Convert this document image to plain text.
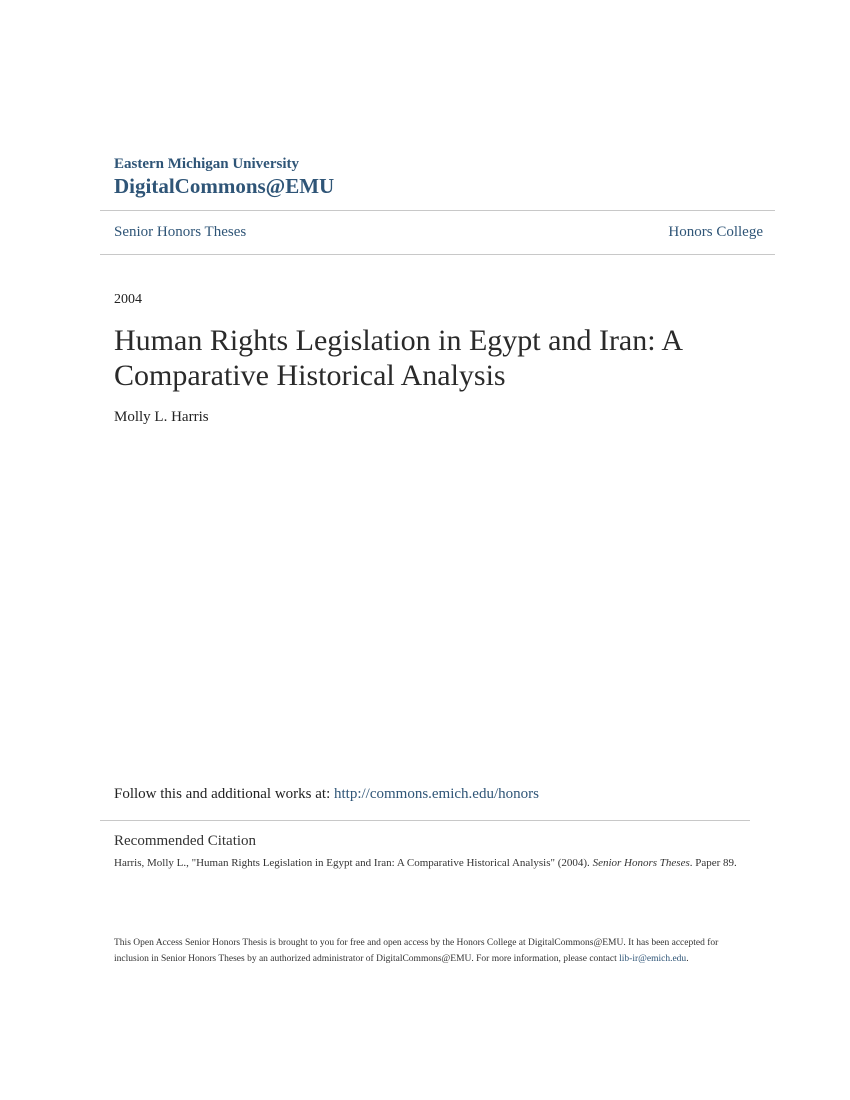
Eastern Michigan University
DigitalCommons@EMU
Senior Honors Theses	Honors College
2004
Human Rights Legislation in Egypt and Iran: A Comparative Historical Analysis
Molly L. Harris
Follow this and additional works at: http://commons.emich.edu/honors
Recommended Citation
Harris, Molly L., "Human Rights Legislation in Egypt and Iran: A Comparative Historical Analysis" (2004). Senior Honors Theses. Paper 89.
This Open Access Senior Honors Thesis is brought to you for free and open access by the Honors College at DigitalCommons@EMU. It has been accepted for inclusion in Senior Honors Theses by an authorized administrator of DigitalCommons@EMU. For more information, please contact lib-ir@emich.edu.
